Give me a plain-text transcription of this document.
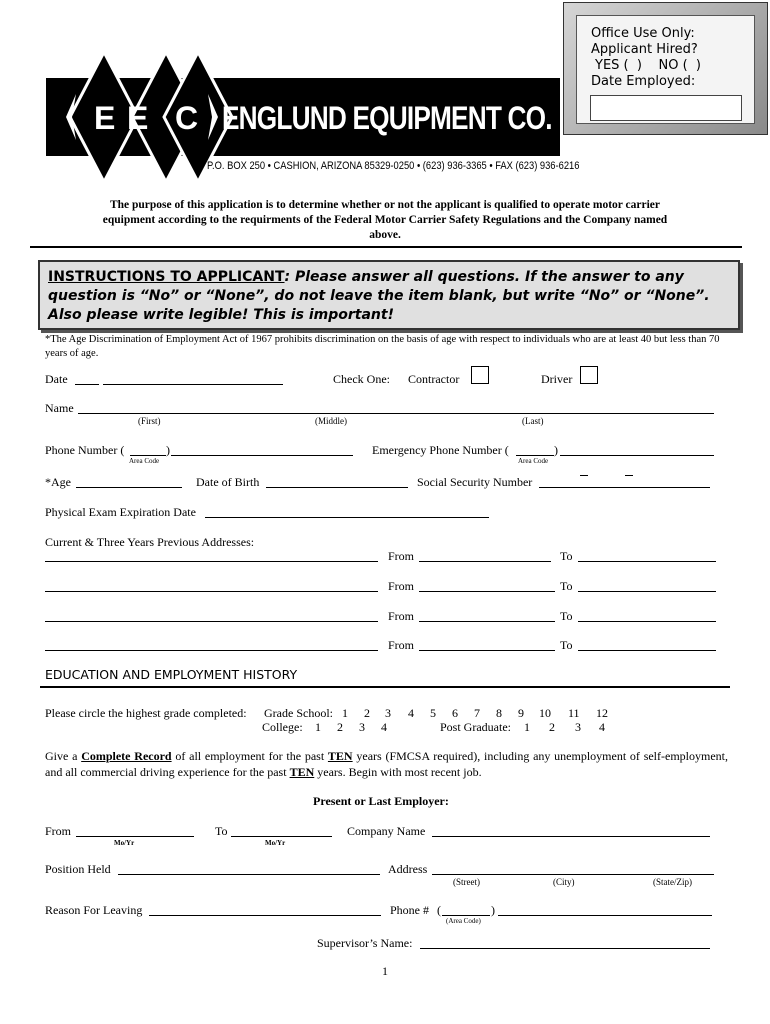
Office Use Only:
Applicant Hired?
YES (  )    NO (  )
Date Employed:
E E C ENGLUND EQUIPMENT CO.
P.O. BOX 250 • CASHION, ARIZONA 85329-0250 • (623) 936-3365 • FAX (623) 936-6216
The purpose of this application is to determine whether or not the applicant is qualified to operate motor carrier equipment according to the requirments of the Federal Motor Carrier Safety Regulations and the Company named above.
INSTRUCTIONS TO APPLICANT: Please answer all questions. If the answer to any question is “No” or “None”, do not leave the item blank, but write “No” or “None”. Also please write legible! This is important!
*The Age Discrimination of Employment Act of 1967 prohibits discrimination on the basis of age with respect to individuals who are at least 40 but less than 70 years of age.
Date	Check One: Contractor	Driver
Name
(First)	(Middle)	(Last)
Phone Number (	)
Area Code
Emergency Phone Number (	)
Area Code
*Age	Date of Birth	Social Security Number
Physical Exam Expiration Date
Current & Three Years Previous Addresses:
From	To
From	To
From	To
From	To
EDUCATION AND EMPLOYMENT HISTORY
Please circle the highest grade completed: Grade School: 1 2 3 4 5 6 7 8 9 10 11 12
College: 1 2 3 4	Post Graduate: 1 2 3 4
Give a Complete Record of all employment for the past TEN years (FMCSA required), including any unemployment of self-employment, and all commercial driving experience for the past TEN years. Begin with most recent job.
Present or Last Employer:
From
Mo/Yr
To
Mo/Yr
Company Name
Position Held	Address
(Street)	(City)	(State/Zip)
Reason For Leaving	Phone # (	)
(Area Code)
Supervisor’s Name:
1
